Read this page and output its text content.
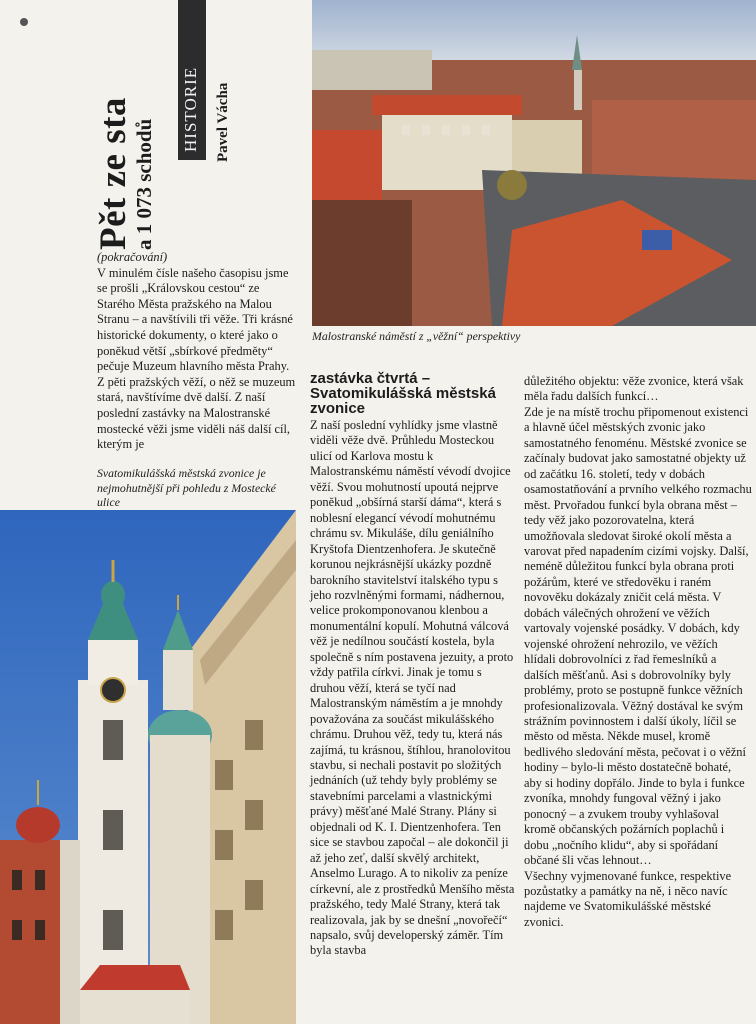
Pět ze sta
a 1 073 schodů
HISTORIE Pavel Vácha

(pokračování)

V minulém čísle našeho časopisu jsme se prošli „Královskou cestou“ ze Starého Města pražského na Malou Stranu – a navštívili tři věže. Tři krásné historické dokumenty, o které jako o poněkud větší „sbírkové předměty“ pečuje Muzeum hlavního města Prahy. Z pěti pražských věží, o něž se muzeum stará, navštívíme dvě další. Z naší poslední zastávky na Malostranské mostecké věži jsme viděli náš další cíl, kterým je

Svatomikulášská městská zvonice je nejmohutnější při pohledu z Mostecké ulice
Malostranské náměstí z „věžní“ perspektivy
zastávka čtvrtá – Svatomikulášská městská zvonice

Z naší poslední vyhlídky jsme vlastně viděli věže dvě. Průhledu Mosteckou ulicí od Karlova mostu k Malostranskému náměstí vévodí dvojice věží. Svou mohutností upoutá nejprve poněkud „obšírná starší dáma“, která s noblesní elegancí vévodí mohutnému chrámu sv. Mikuláše, dílu geniálního Kryštofa Dientzenhofera. Je skutečně korunou nejkrásnější ukázky pozdně barokního stavitelství italského typu s jeho rozvlněnými formami, nádhernou, velice prokomponovanou klenbou a monumentální kopulí. Mohutná válcová věž je nedílnou součástí kostela, byla společně s ním postavena jezuity, a proto vždy patřila církvi. Jinak je tomu s druhou věží, která se tyčí nad Malostranským náměstím a je mnohdy považována za součást mikulášského chrámu. Druhou věž, tedy tu, která nás zajímá, tu krásnou, štíhlou, hranolovitou stavbu, si nechali postavit po složitých jednáních (už tehdy byly problémy se stavebními parcelami a vlastnickými právy) měšťané Malé Strany. Plány si objednali od K. I. Dientzenhofera. Ten sice se stavbou započal – ale dokončil ji až jeho zeť, další skvělý architekt, Anselmo Lurago. A to nikoliv za peníze církevní, ale z prostředků Menšího města pražského, tedy Malé Strany, která tak realizovala, jak by se dnešní „novořečí“ napsalo, svůj developerský záměr. Tím byla stavba

důležitého objektu: věže zvonice, která však měla řadu dalších funkcí…

Zde je na místě trochu připomenout existenci a hlavně účel městských zvonic jako samostatného fenoménu. Městské zvonice se začínaly budovat jako samostatné objekty už od začátku 16. století, tedy v dobách osamostatňování a prvního velkého rozmachu měst. Prvořadou funkcí byla obrana měst – tedy věž jako pozorovatelna, která umožňovala sledovat široké okolí města a varovat před napadením cizími vojsky. Další, neméně důležitou funkcí byla obrana proti požárům, které ve středověku i raném novověku dokázaly zničit celá města. V dobách válečných ohrožení ve věžích vartovaly vojenské posádky. V dobách, kdy vojenské ohrožení nehrozilo, ve věžích hlídali dobrovolníci z řad řemeslníků a dalších měšťanů. Asi s dobrovolníky byly problémy, proto se postupně funkce věžních profesionalizovala. Věžný dostával ke svým strážním povinnostem i další úkoly, líčil se město od města. Někde musel, kromě bedlivého sledování města, pečovat i o věžní hodiny – bylo-li město dostatečně bohaté, aby si hodiny dopřálo. Jinde to byla i funkce zvoníka, mnohdy fungoval věžný i jako ponocný – a zvukem trouby vyhlašoval kromě občanských požárních poplachů i dobu „nočního klidu“, aby si spořádaní občané šli včas lehnout…

Všechny vyjmenované funkce, respektive pozůstatky a památky na ně, i něco navíc najdeme ve Svatomikulášské městské zvonici.
